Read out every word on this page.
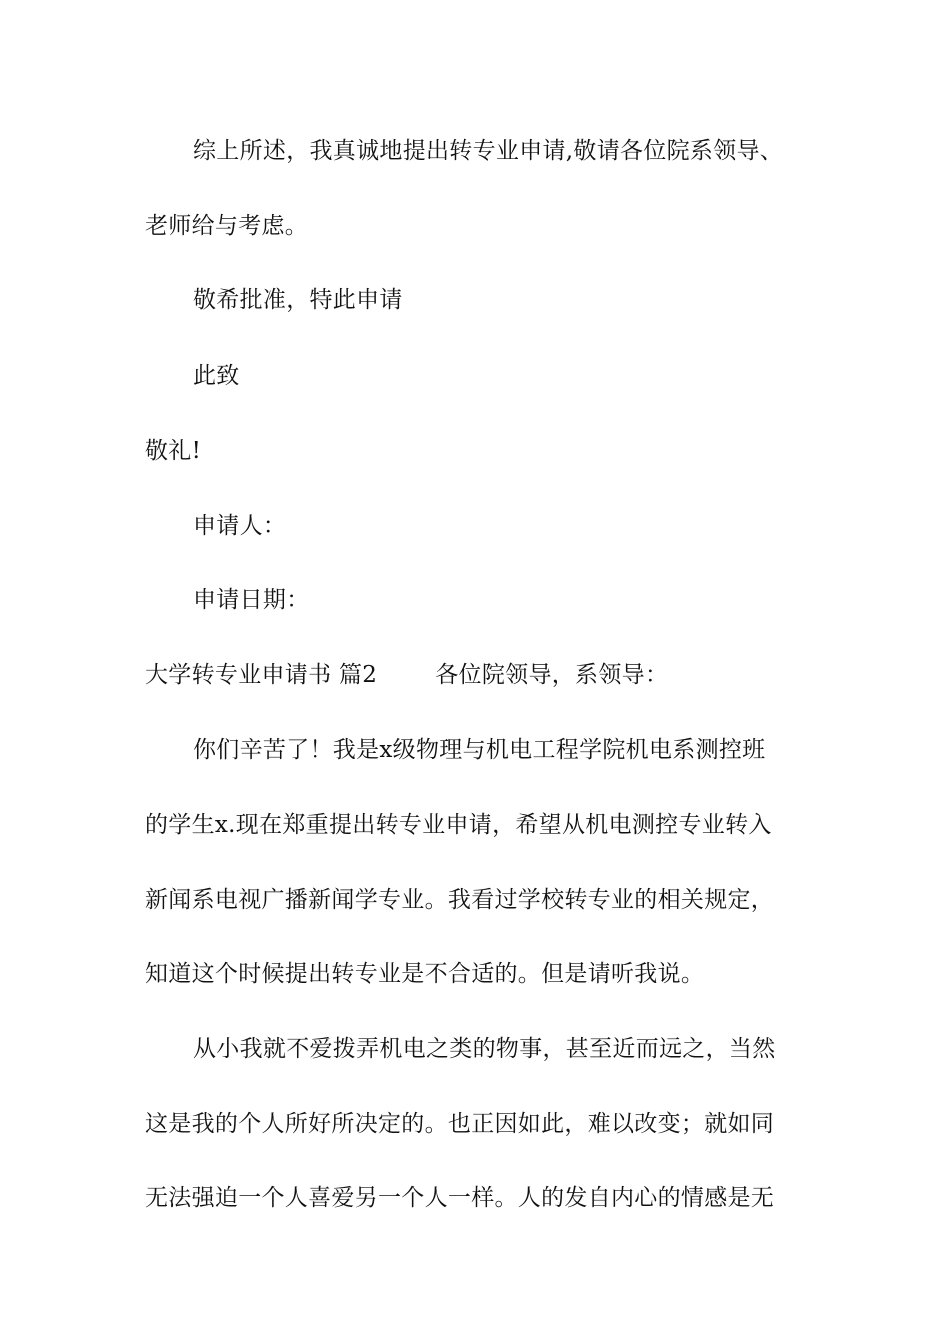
综上所述，我真诚地提出转专业申请,敬请各位院系领导、
老师给与考虑。
敬希批准，特此申请
此致
敬礼!
申请人：
申请日期：
大学转专业申请书 篇2	各位院领导，系领导：
你们辛苦了！我是x级物理与机电工程学院机电系测控班
的学生x.现在郑重提出转专业申请，希望从机电测控专业转入
新闻系电视广播新闻学专业。我看过学校转专业的相关规定，
知道这个时候提出转专业是不合适的。但是请听我说。
从小我就不爱拨弄机电之类的物事，甚至近而远之，当然
这是我的个人所好所决定的。也正因如此，难以改变；就如同
无法强迫一个人喜爱另一个人一样。人的发自内心的情感是无
